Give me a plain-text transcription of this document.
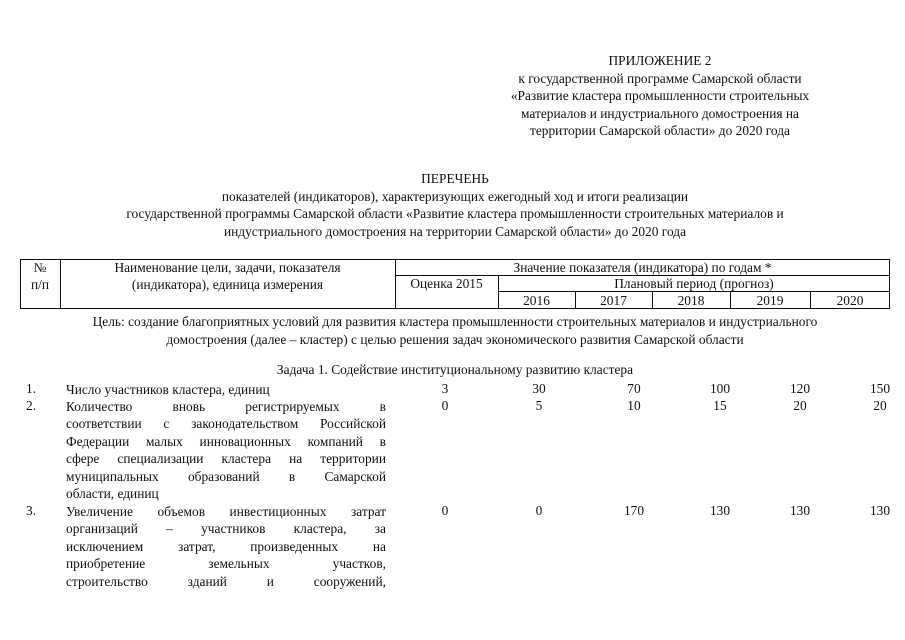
ПРИЛОЖЕНИЕ 2
к государственной программе Самарской области
«Развитие кластера промышленности строительных
материалов и индустриального домостроения на
территории Самарской области» до 2020 года
ПЕРЕЧЕНЬ
показателей (индикаторов), характеризующих ежегодный ход и итоги реализации
государственной программы Самарской области «Развитие кластера промышленности строительных материалов и
индустриального домостроения на территории Самарской области» до 2020 года
№
п/п
Наименование цели, задачи, показателя
(индикатора), единица измерения
Значение показателя (индикатора) по годам *
Оценка 2015	Плановый период (прогноз)
2016	2017	2018	2019	2020
Цель: создание благоприятных условий для развития кластера промышленности строительных материалов и индустриального
домостроения (далее – кластер) с целью решения задач экономического развития Самарской области
Задача 1. Содействие институциональному развитию кластера
1.	Число участников кластера, единиц	3	30	70	100	120	150
2.	Количество вновь регистрируемых в
соответствии с законодательством Российской
Федерации малых инновационных компаний в
сфере специализации кластера на территории
муниципальных образований в Самарской
области, единиц
0	5	10	15	20	20
3.	Увеличение объемов инвестиционных затрат
организаций – участников кластера, за
исключением затрат, произведенных на
приобретение земельных участков,
строительство зданий и сооружений,
0	0	170	130	130	130
